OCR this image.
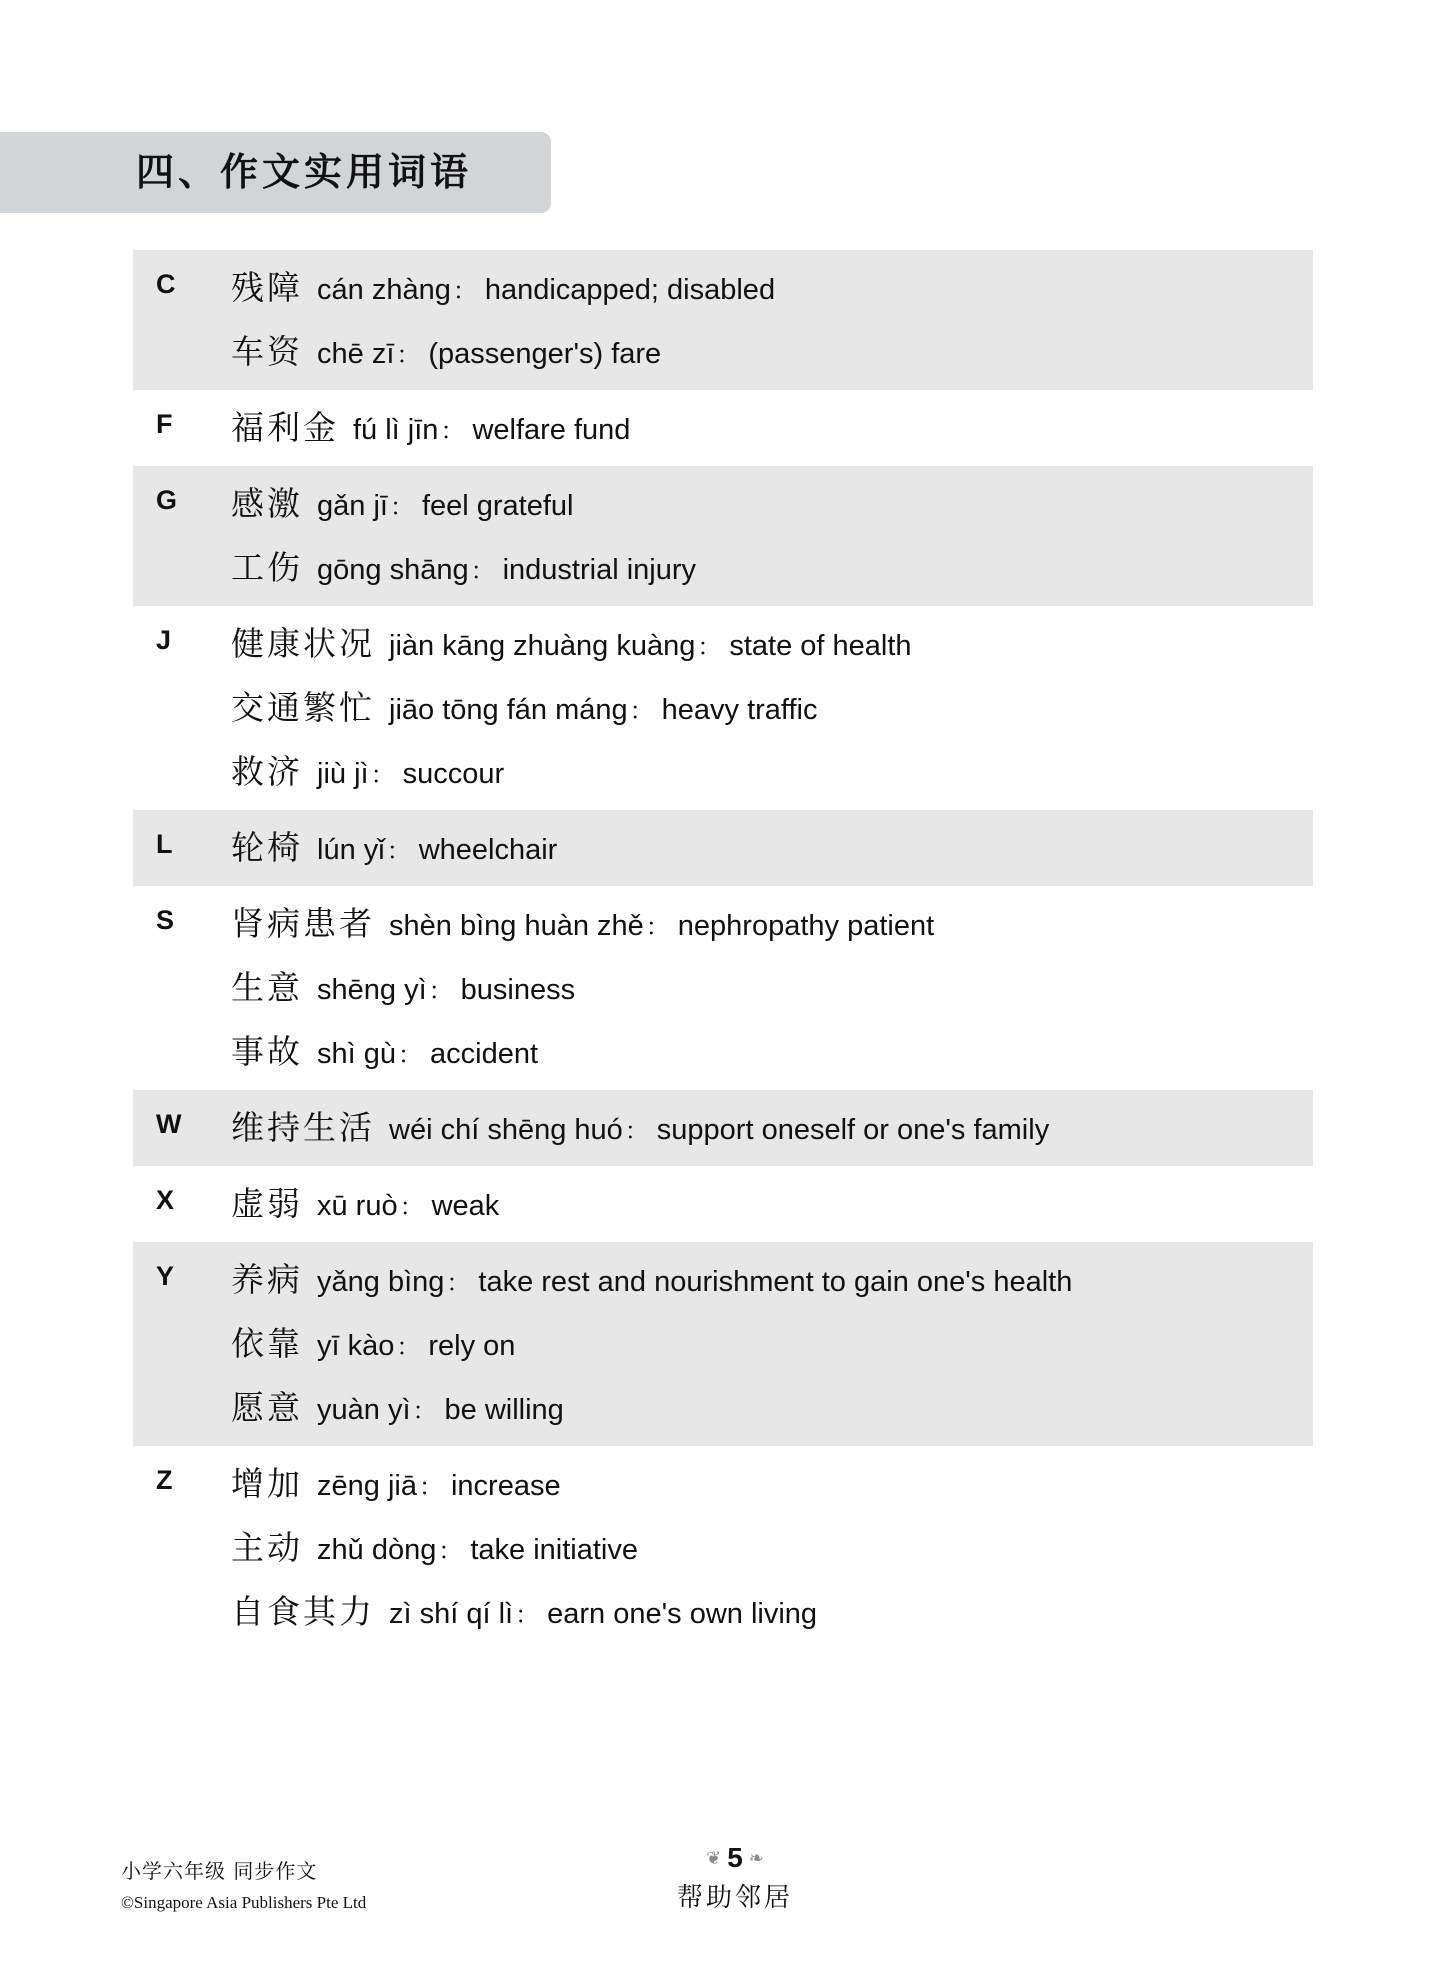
四、作文实用词语
C	残障 cán zhàng： handicapped; disabled
车资 chē zī： (passenger's) fare
F	福利金 fú lì jīn： welfare fund
G	感激 gǎn jī： feel grateful
工伤 gōng shāng： industrial injury
J	健康状况 jiàn kāng zhuàng kuàng： state of health
交通繁忙 jiāo tōng fán máng： heavy traffic
救济 jiù jì： succour
L	轮椅 lún yǐ： wheelchair
S	肾病患者 shèn bìng huàn zhě： nephropathy patient
生意 shēng yì： business
事故 shì gù： accident
W	维持生活 wéi chí shēng huó： support oneself or one's family
X	虚弱 xū ruò： weak
Y	养病 yǎng bìng： take rest and nourishment to gain one's health
依靠 yī kào： rely on
愿意 yuàn yì： be willing
Z	增加 zēng jiā： increase
主动 zhǔ dòng： take initiative
自食其力 zì shí qí lì： earn one's own living
小学六年级 同步作文
©Singapore Asia Publishers Pte Ltd
❦ 5 ❧
帮助邻居
